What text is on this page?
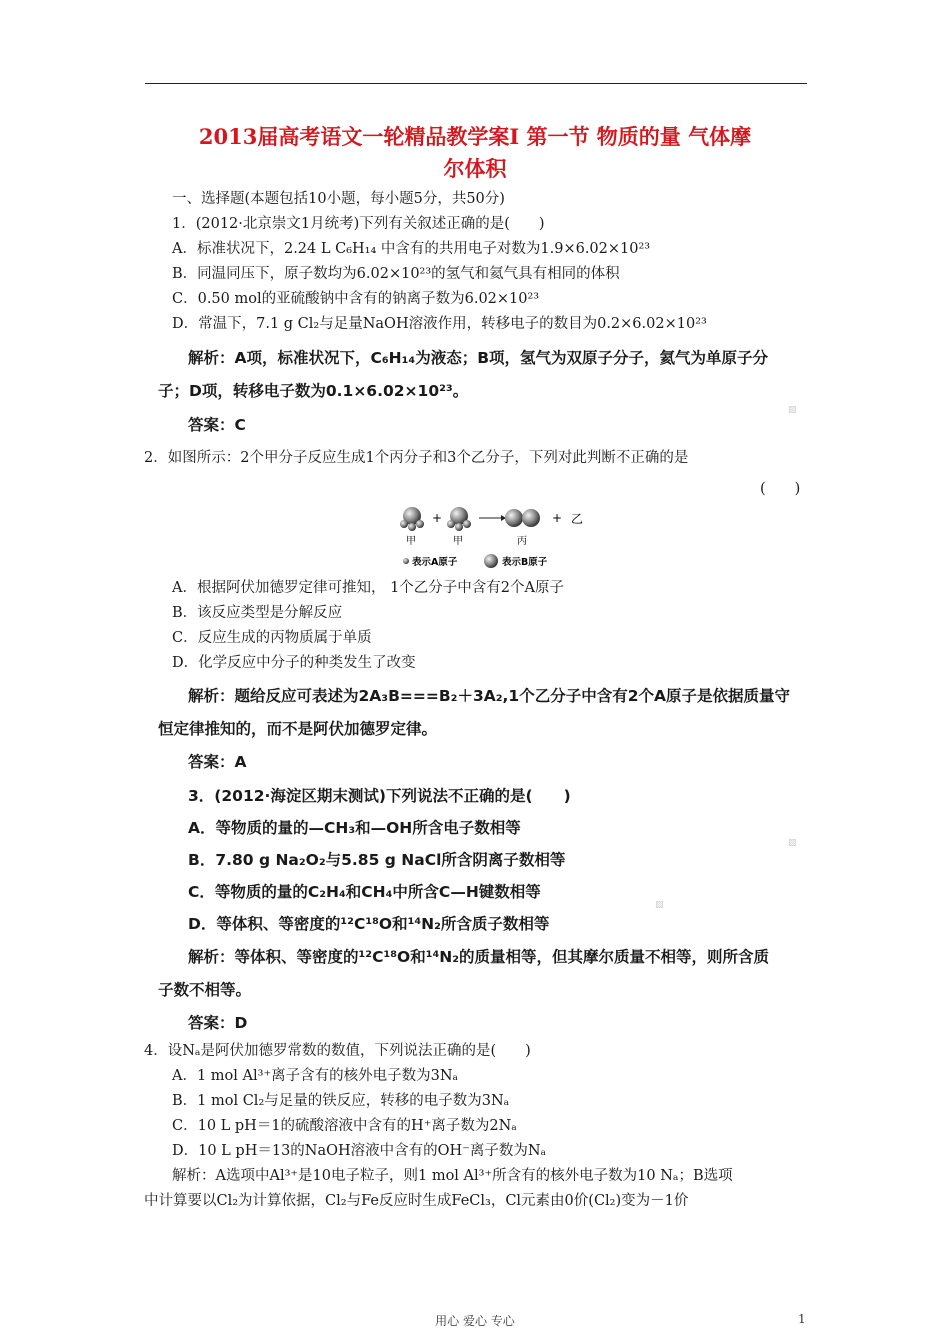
2013届高考语文一轮精品教学案Ⅰ 第一节 物质的量 气体摩
尔体积
一、选择题(本题包括10小题，每小题5分，共50分)
1．(2012·北京崇文1月统考)下列有关叙述正确的是(　　)
A．标准状况下，2.24 L C₆H₁₄ 中含有的共用电子对数为1.9×6.02×10²³
B．同温同压下，原子数均为6.02×10²³的氢气和氦气具有相同的体积
C．0.50 mol的亚硫酸钠中含有的钠离子数为6.02×10²³
D．常温下，7.1 g Cl₂与足量NaOH溶液作用，转移电子的数目为0.2×6.02×10²³
解析：A项，标准状况下，C₆H₁₄为液态；B项，氢气为双原子分子，氦气为单原子分
子；D项，转移电子数为0.1×6.02×10²³。
答案：C
2．如图所示：2个甲分子反应生成1个丙分子和3个乙分子，下列对此判断不正确的是
(　　)
+	+ 乙
甲	甲	丙
表示A原子	表示B原子
A．根据阿伏加德罗定律可推知， 1个乙分子中含有2个A原子
B．该反应类型是分解反应
C．反应生成的丙物质属于单质
D．化学反应中分子的种类发生了改变
解析：题给反应可表述为2A₃B===B₂＋3A₂,1个乙分子中含有2个A原子是依据质量守
恒定律推知的，而不是阿伏加德罗定律。
答案：A
3．(2012·海淀区期末测试)下列说法不正确的是(　　)
A．等物质的量的—CH₃和—OH所含电子数相等
B．7.80 g Na₂O₂与5.85 g NaCl所含阴离子数相等
C．等物质的量的C₂H₄和CH₄中所含C—H键数相等
D．等体积、等密度的¹²C¹⁸O和¹⁴N₂所含质子数相等
解析：等体积、等密度的¹²C¹⁸O和¹⁴N₂的质量相等，但其摩尔质量不相等，则所含质
子数不相等。
答案：D
4．设Nₐ是阿伏加德罗常数的数值，下列说法正确的是(　　)
A．1 mol Al³⁺离子含有的核外电子数为3Nₐ
B．1 mol Cl₂与足量的铁反应，转移的电子数为3Nₐ
C．10 L pH＝1的硫酸溶液中含有的H⁺离子数为2Nₐ
D．10 L pH＝13的NaOH溶液中含有的OH⁻离子数为Nₐ
解析：A选项中Al³⁺是10电子粒子，则1 mol Al³⁺所含有的核外电子数为10 Nₐ；B选项
中计算要以Cl₂为计算依据，Cl₂与Fe反应时生成FeCl₃，Cl元素由0价(Cl₂)变为－1价
▨
▨
▨
用心 爱心 专心	1
